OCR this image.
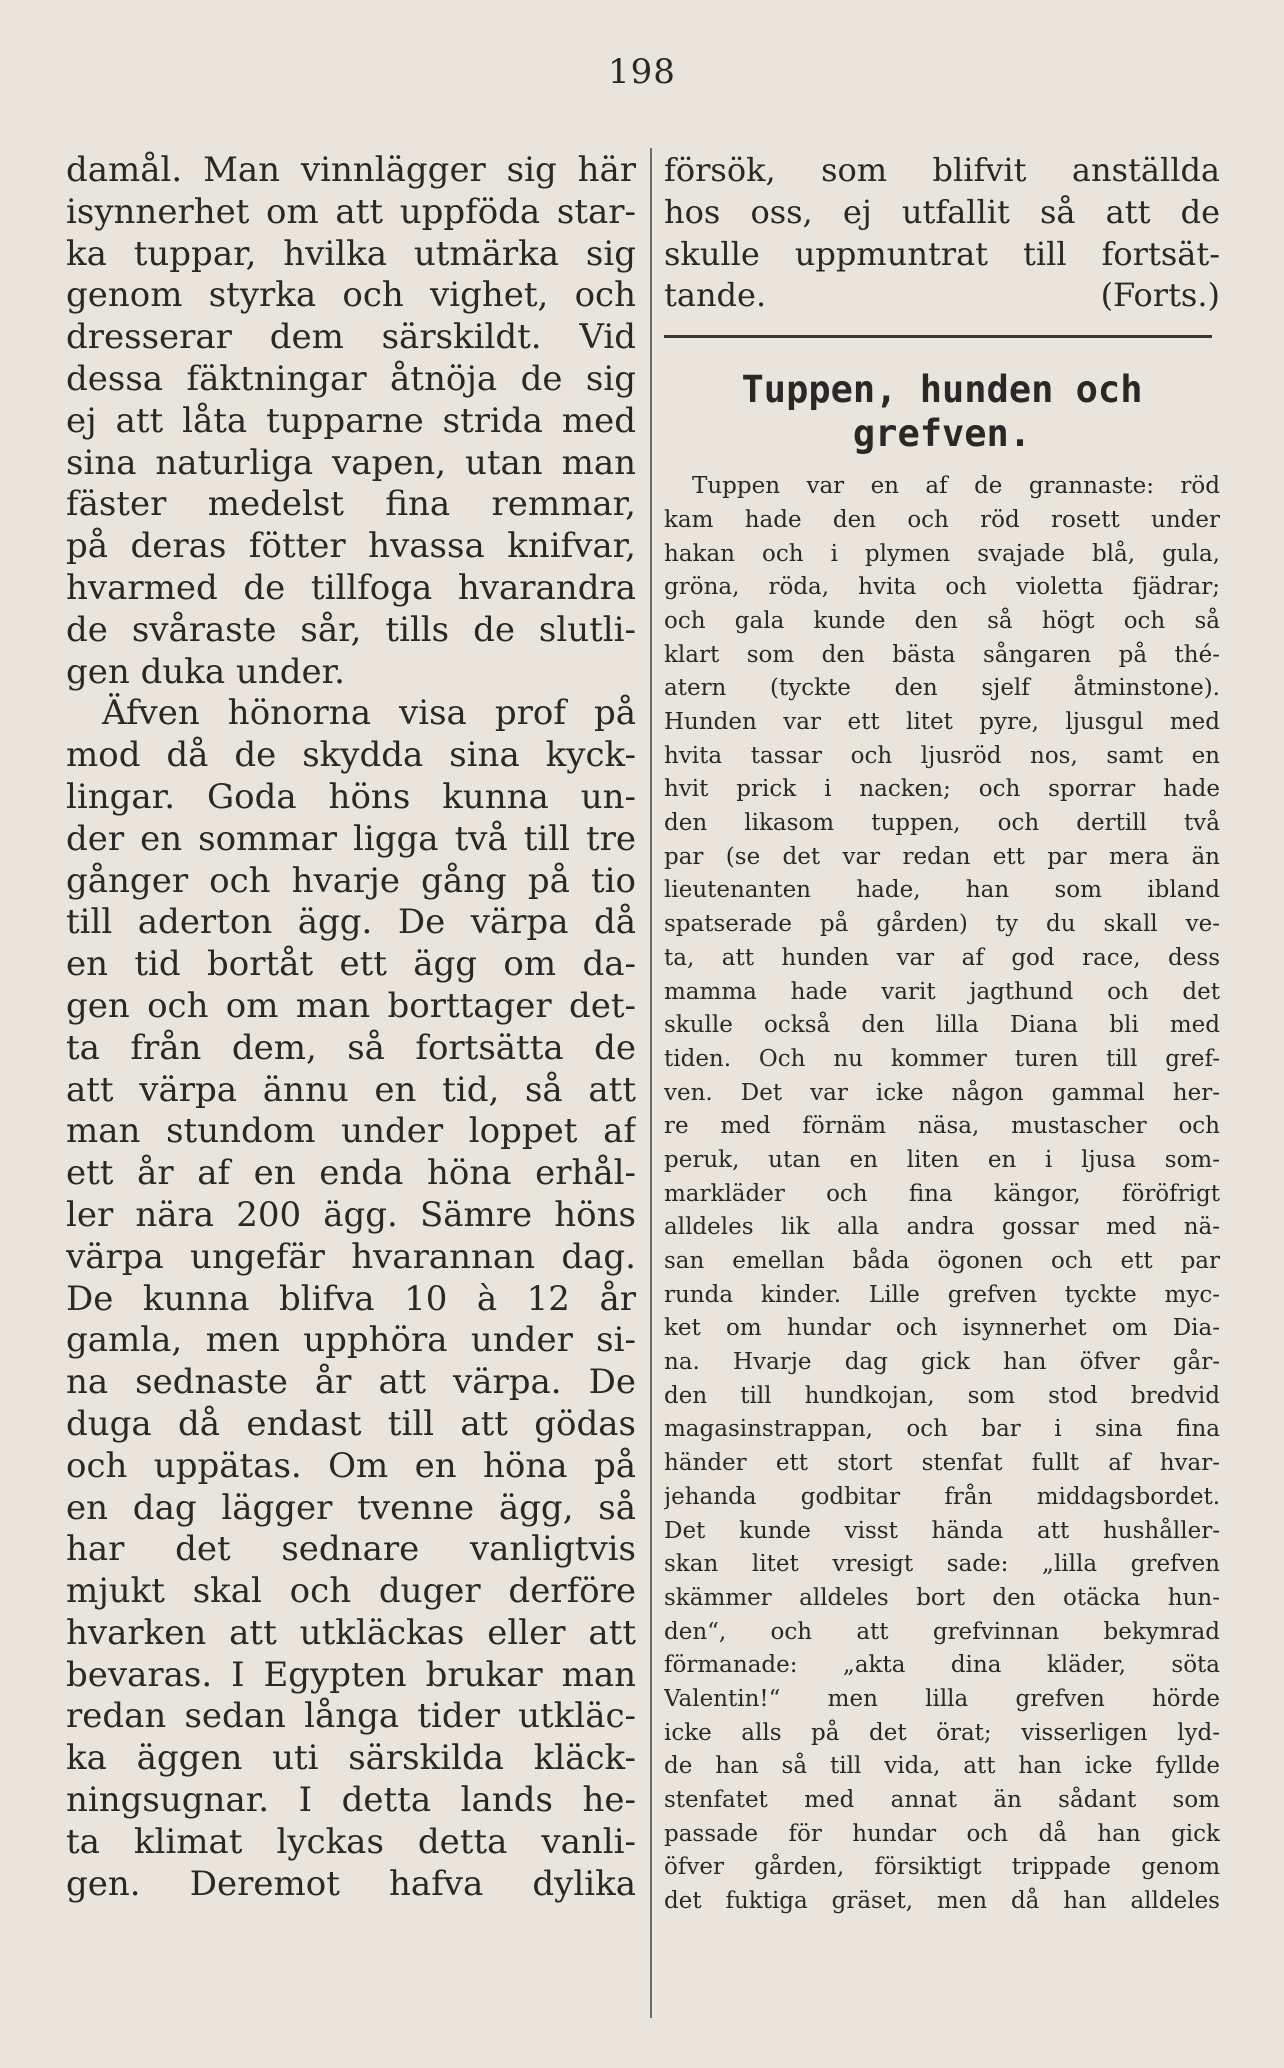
198
damål. Man vinnlägger sig här
isynnerhet om att uppföda star-
ka tuppar, hvilka utmärka sig
genom styrka och vighet, och
dresserar dem särskildt. Vid
dessa fäktningar åtnöja de sig
ej att låta tupparne strida med
sina naturliga vapen, utan man
fäster medelst fina remmar,
på deras fötter hvassa knifvar,
hvarmed de tillfoga hvarandra
de svåraste sår, tills de slutli-
gen duka under.
Äfven hönorna visa prof på
mod då de skydda sina kyck-
lingar. Goda höns kunna un-
der en sommar ligga två till tre
gånger och hvarje gång på tio
till aderton ägg. De värpa då
en tid bortåt ett ägg om da-
gen och om man borttager det-
ta från dem, så fortsätta de
att värpa ännu en tid, så att
man stundom under loppet af
ett år af en enda höna erhål-
ler nära 200 ägg. Sämre höns
värpa ungefär hvarannan dag.
De kunna blifva 10 à 12 år
gamla, men upphöra under si-
na sednaste år att värpa. De
duga då endast till att gödas
och uppätas. Om en höna på
en dag lägger tvenne ägg, så
har det sednare vanligtvis
mjukt skal och duger derföre
hvarken att utkläckas eller att
bevaras. I Egypten brukar man
redan sedan långa tider utkläc-
ka äggen uti särskilda kläck-
ningsugnar. I detta lands he-
ta klimat lyckas detta vanli-
gen. Deremot hafva dylika
försök, som blifvit anställda
hos oss, ej utfallit så att de
skulle uppmuntrat till fortsät-
tande.	(Forts.)
Tuppen, hunden och
grefven.
Tuppen var en af de grannaste: röd
kam hade den och röd rosett under
hakan och i plymen svajade blå, gula,
gröna, röda, hvita och violetta fjädrar;
och gala kunde den så högt och så
klart som den bästa sångaren på thé-
atern (tyckte den sjelf åtminstone).
Hunden var ett litet pyre, ljusgul med
hvita tassar och ljusröd nos, samt en
hvit prick i nacken; och sporrar hade
den likasom tuppen, och dertill två
par (se det var redan ett par mera än
lieutenanten hade, han som ibland
spatserade på gården) ty du skall ve-
ta, att hunden var af god race, dess
mamma hade varit jagthund och det
skulle också den lilla Diana bli med
tiden. Och nu kommer turen till gref-
ven. Det var icke någon gammal her-
re med förnäm näsa, mustascher och
peruk, utan en liten en i ljusa som-
markläder och fina kängor, föröfrigt
alldeles lik alla andra gossar med nä-
san emellan båda ögonen och ett par
runda kinder. Lille grefven tyckte myc-
ket om hundar och isynnerhet om Dia-
na. Hvarje dag gick han öfver går-
den till hundkojan, som stod bredvid
magasinstrappan, och bar i sina fina
händer ett stort stenfat fullt af hvar-
jehanda godbitar från middagsbordet.
Det kunde visst hända att hushåller-
skan litet vresigt sade: „lilla grefven
skämmer alldeles bort den otäcka hun-
den“, och att grefvinnan bekymrad
förmanade: „akta dina kläder, söta
Valentin!“ men lilla grefven hörde
icke alls på det örat; visserligen lyd-
de han så till vida, att han icke fyllde
stenfatet med annat än sådant som
passade för hundar och då han gick
öfver gården, försiktigt trippade genom
det fuktiga gräset, men då han alldeles
